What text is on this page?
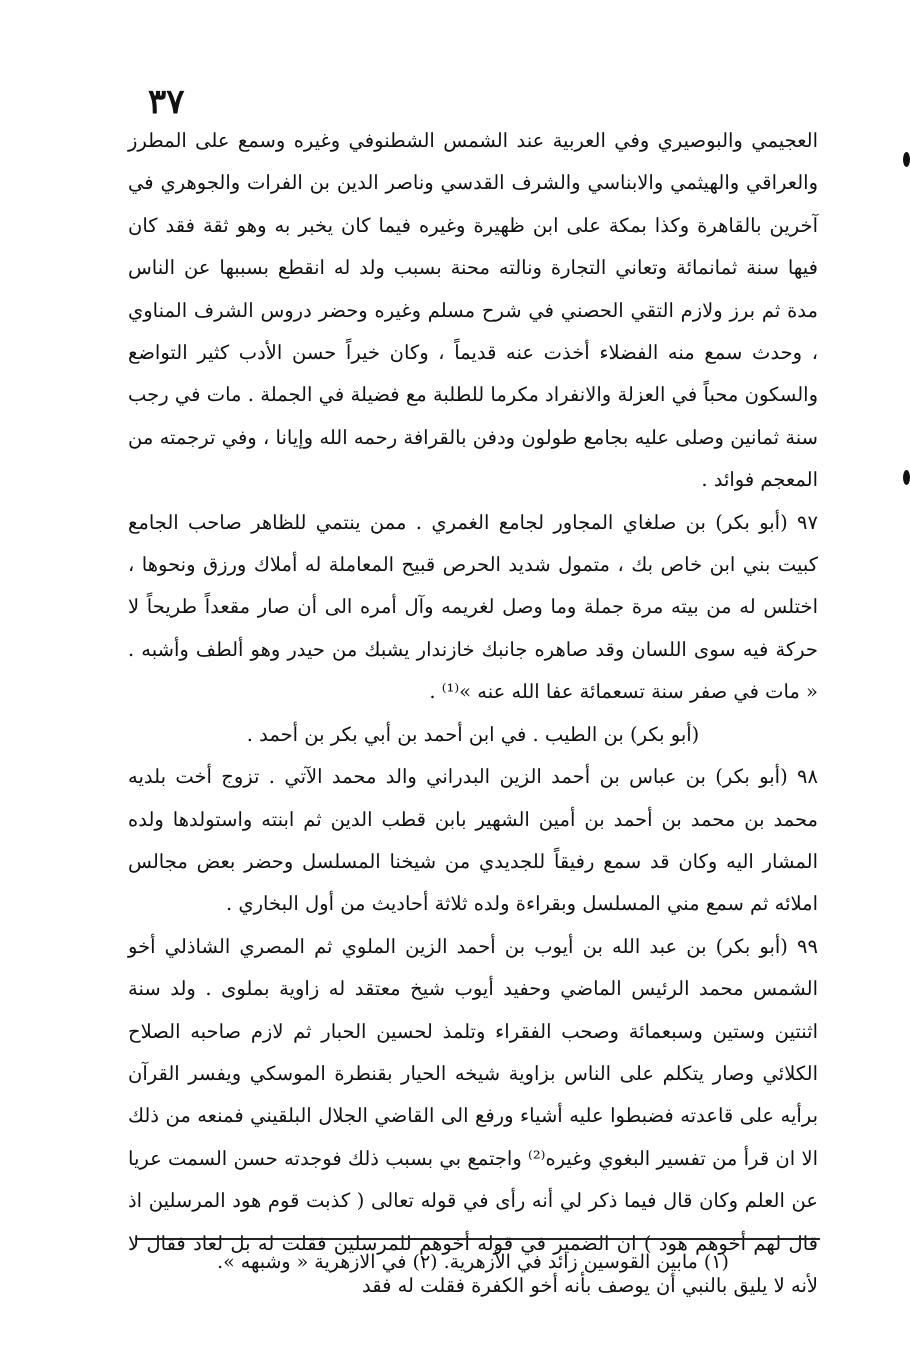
٣٧

العجيمي والبوصيري وفي العربية عند الشمس الشطنوفي وغيره وسمع على المطرز والعراقي والهيثمي والابناسي والشرف القدسي وناصر الدين بن الفرات والجوهري في آخرين بالقاهرة وكذا بمكة على ابن ظهيرة وغيره فيما كان يخبر به وهو ثقة فقد كان فيها سنة ثمانمائة وتعاني التجارة ونالته محنة بسبب ولد له انقطع بسببها عن الناس مدة ثم برز ولازم التقي الحصني في شرح مسلم وغيره وحضر دروس الشرف المناوي ، وحدث سمع منه الفضلاء أخذت عنه قديماً ، وكان خيراً حسن الأدب كثير التواضع والسكون محباً في العزلة والانفراد مكرما للطلبة مع فضيلة في الجملة . مات في رجب سنة ثمانين وصلى عليه بجامع طولون ودفن بالقرافة رحمه الله وإيانا ، وفي ترجمته من المعجم فوائد .

٩٧ (أبو بكر) بن صلغاي المجاور لجامع الغمري . ممن ينتمي للظاهر صاحب الجامع كبيت بني ابن خاص بك ، متمول شديد الحرص قبيح المعاملة له أملاك ورزق ونحوها ، اختلس له من بيته مرة جملة وما وصل لغريمه وآل أمره الى أن صار مقعداً طريحاً لا حركة فيه سوى اللسان وقد صاهره جانبك خازندار يشبك من حيدر وهو ألطف وأشبه . « مات في صفر سنة تسعمائة عفا الله عنه »⁽¹⁾ .

(أبو بكر) بن الطيب . في ابن أحمد بن أبي بكر بن أحمد .

٩٨ (أبو بكر) بن عباس بن أحمد الزين البدراني والد محمد الآتي . تزوج أخت بلديه محمد بن محمد بن أحمد بن أمين الشهير بابن قطب الدين ثم ابنته واستولدها ولده المشار اليه وكان قد سمع رفيقاً للجديدي من شيخنا المسلسل وحضر بعض مجالس املائه ثم سمع مني المسلسل وبقراءة ولده ثلاثة أحاديث من أول البخاري .

٩٩ (أبو بكر) بن عبد الله بن أيوب بن أحمد الزين الملوي ثم المصري الشاذلي أخو الشمس محمد الرئيس الماضي وحفيد أيوب شيخ معتقد له زاوية بملوى . ولد سنة اثنتين وستين وسبعمائة وصحب الفقراء وتلمذ لحسين الحبار ثم لازم صاحبه الصلاح الكلائي وصار يتكلم على الناس بزاوية شيخه الحيار بقنطرة الموسكي ويفسر القرآن برأيه على قاعدته فضبطوا عليه أشياء ورفع الى القاضي الجلال البلقيني فمنعه من ذلك الا ان قرأ من تفسير البغوي وغيره⁽²⁾ واجتمع بي بسبب ذلك فوجدته حسن السمت عريا عن العلم وكان قال فيما ذكر لي أنه رأى في قوله تعالى ( كذبت قوم هود المرسلين اذ قال لهم أخوهم هود ) ان الضمير في قوله أخوهم للمرسلين فقلت له بل لعاد فقال لا لأنه لا يليق بالنبي أن يوصف بأنه أخو الكفرة فقلت له فقد

(١) مابين القوسين زائد في الأزهرية. (٢) في الازهرية « وشبهه ».
